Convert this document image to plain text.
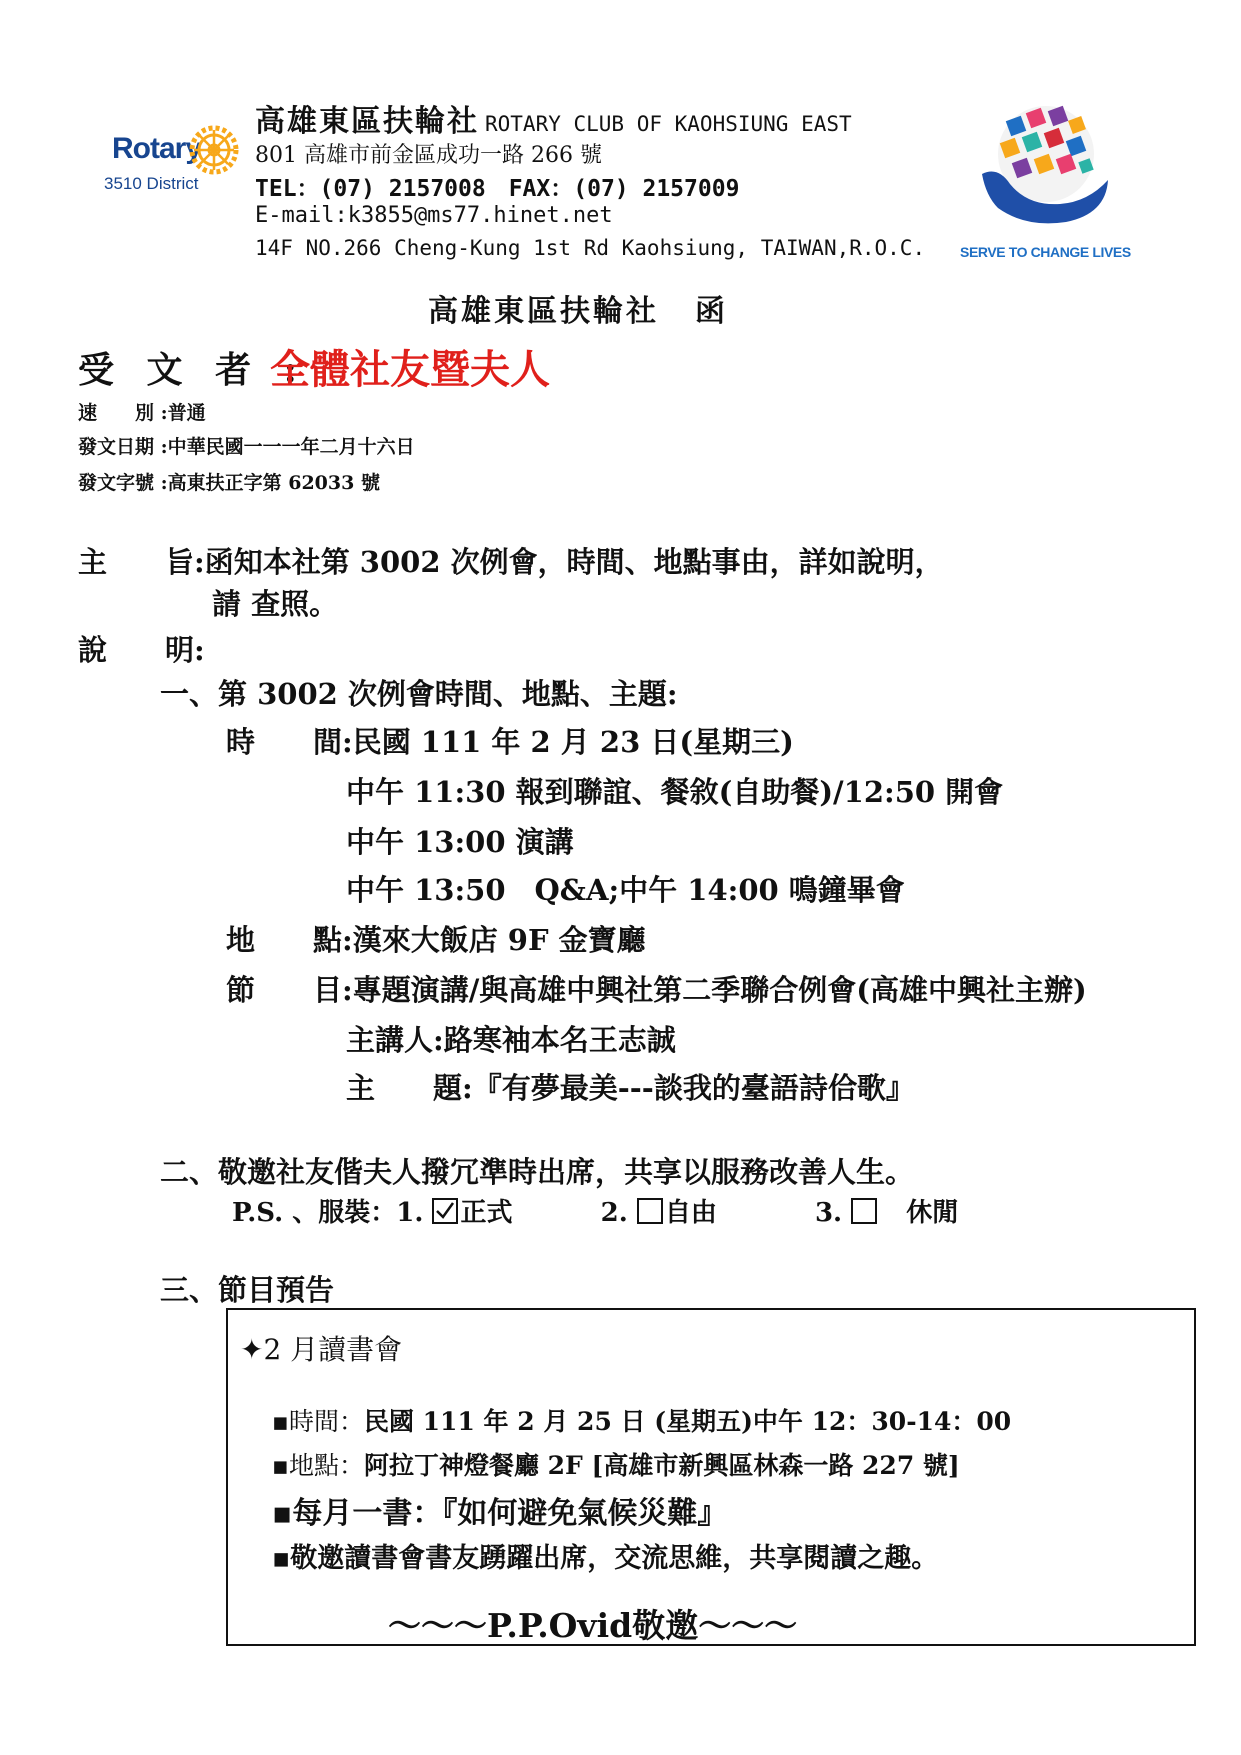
Rotary
3510 District
高雄東區扶輪社 ROTARY CLUB OF KAOHSIUNG EAST
801 高雄市前金區成功一路 266 號
TEL：(07) 2157008　FAX：(07) 2157009
E-mail:k3855@ms77.hinet.net
14F NO.266 Cheng-Kung 1st Rd Kaohsiung, TAIWAN,R.O.C. SERVE TO CHANGE LIVES
高雄東區扶輪社 函
受 文 者 :
全體社友暨夫人
速　　別 :普通
發文日期 :中華民國一一一年二月十六日
發文字號 :高東扶正字第 62033 號
主　　旨:函知本社第 3002 次例會，時間、地點事由，詳如說明，
請 查照。
說　　明:
一、第 3002 次例會時間、地點、主題:
時　　間:民國 111 年 2 月 23 日(星期三)
中午 11:30 報到聯誼、餐敘(自助餐)/12:50 開會
中午 13:00 演講
中午 13:50　Q&A;中午 14:00 鳴鐘畢會
地　　點:漢來大飯店 9F 金寶廳
節　　目:專題演講/與高雄中興社第二季聯合例會(高雄中興社主辦)
主講人:路寒袖本名王志誠
主　　題:『有夢最美---談我的臺語詩佮歌』
二、敬邀社友偕夫人撥冗準時出席，共享以服務改善人生。
P.S. 、服裝：1. 正式	2. 自由	3. 休閒
三、節目預告
✦2 月讀書會
▪時間：民國 111 年 2 月 25 日 (星期五)中午 12：30-14：00
▪地點：阿拉丁神燈餐廳 2F [高雄市新興區林森一路 227 號]
▪每月一書：『如何避免氣候災難』
▪敬邀讀書會書友踴躍出席，交流思維，共享閱讀之趣。
～～～P.P.Ovid敬邀～～～
